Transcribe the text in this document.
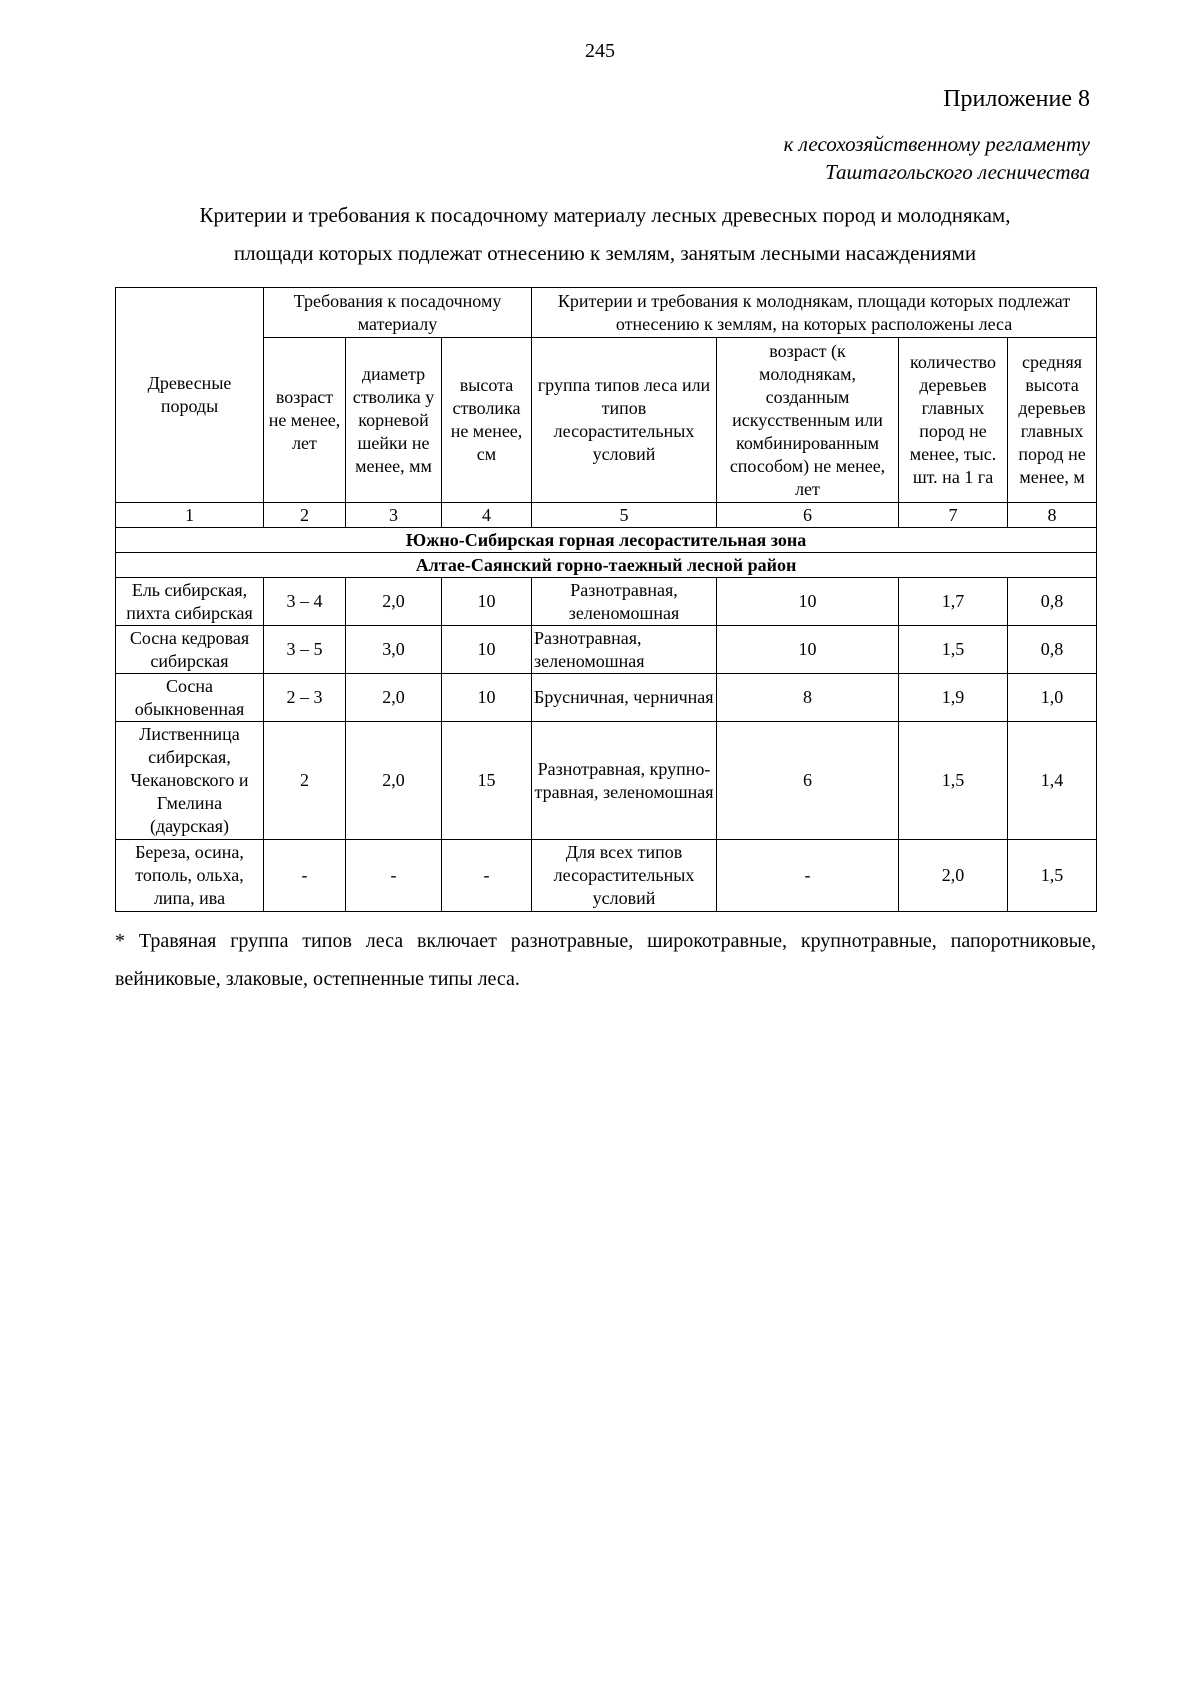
245
Приложение 8
к лесохозяйственному регламенту
Таштагольского лесничества
Критерии и требования к посадочному материалу лесных древесных пород и молоднякам,
площади которых подлежат отнесению к землям, занятым лесными насаждениями
Древесные породы	Требования к посадочному материалу			Критерии и требования к молоднякам, площади которых подлежат отнесению к землям, на которых расположены леса			
	возраст не менее, лет	диаметр стволика у корневой шейки не менее, мм	высота стволика не менее, см	группа типов леса или типов лесорастительных условий	возраст (к молоднякам, созданным искусственным или комбинированным способом) не менее, лет	количество деревьев главных пород не менее, тыс. шт. на 1 га	средняя высота деревьев главных пород не менее, м
1	2	3	4	5	6	7	8
Южно-Сибирская горная лесорастительная зона							
Алтае-Саянский горно-таежный лесной район							
Ель сибирская, пихта сибирская	3 – 4	2,0	10	Разнотравная, зеленомошная	10	1,7	0,8
Сосна кедровая сибирская	3 – 5	3,0	10	Разнотравная, зеленомошная	10	1,5	0,8
Сосна обыкновенная	2 – 3	2,0	10	Брусничная, черничная	8	1,9	1,0
Лиственница сибирская, Чекановского и Гмелина (даурская)	2	2,0	15	Разнотравная, крупно-травная, зеленомошная	6	1,5	1,4
Береза, осина, тополь, ольха, липа, ива	-	-	-	Для всех типов лесорастительных условий	-	2,0	1,5
* Травяная группа типов леса включает разнотравные, широкотравные, крупнотравные, папоротниковые, вейниковые, злаковые, остепненные типы леса.
